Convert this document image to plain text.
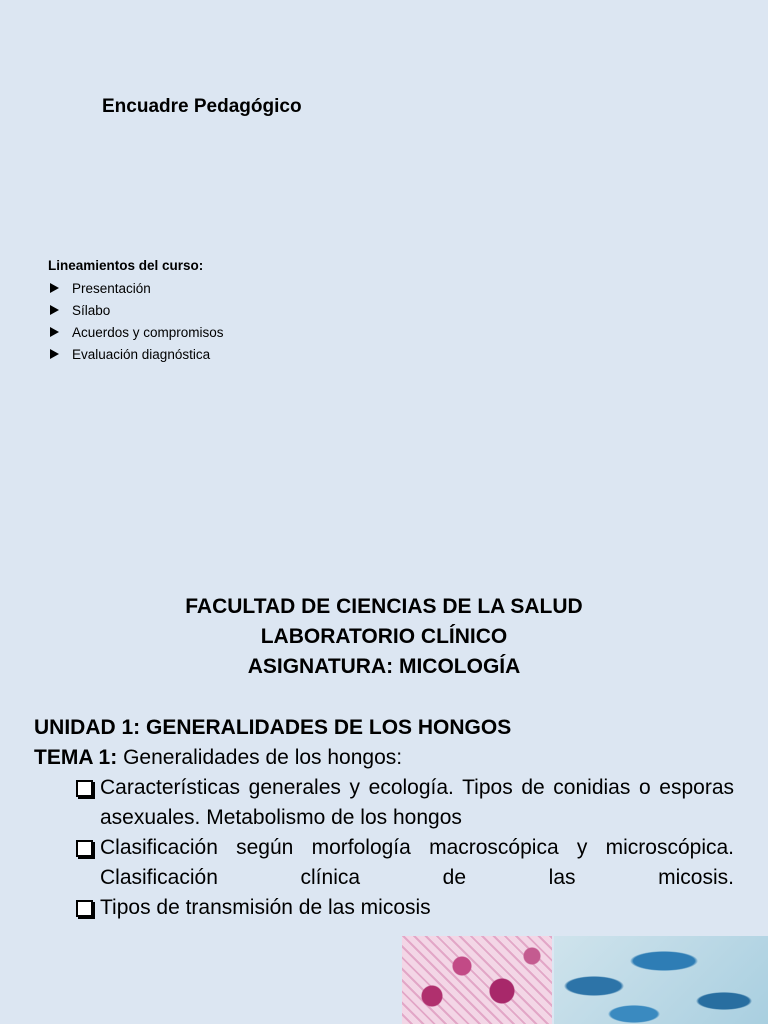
Encuadre Pedagógico
Lineamientos del curso:
Presentación
Sílabo
Acuerdos y compromisos
Evaluación diagnóstica
FACULTAD DE CIENCIAS DE LA SALUD
LABORATORIO CLÍNICO
ASIGNATURA: MICOLOGÍA
UNIDAD 1: GENERALIDADES DE LOS HONGOS
TEMA 1: Generalidades de los hongos:
Características generales y ecología. Tipos de conidias o esporas asexuales. Metabolismo de los hongos
Clasificación según morfología macroscópica y microscópica. Clasificación clínica de las micosis.
Tipos de transmisión de las micosis
